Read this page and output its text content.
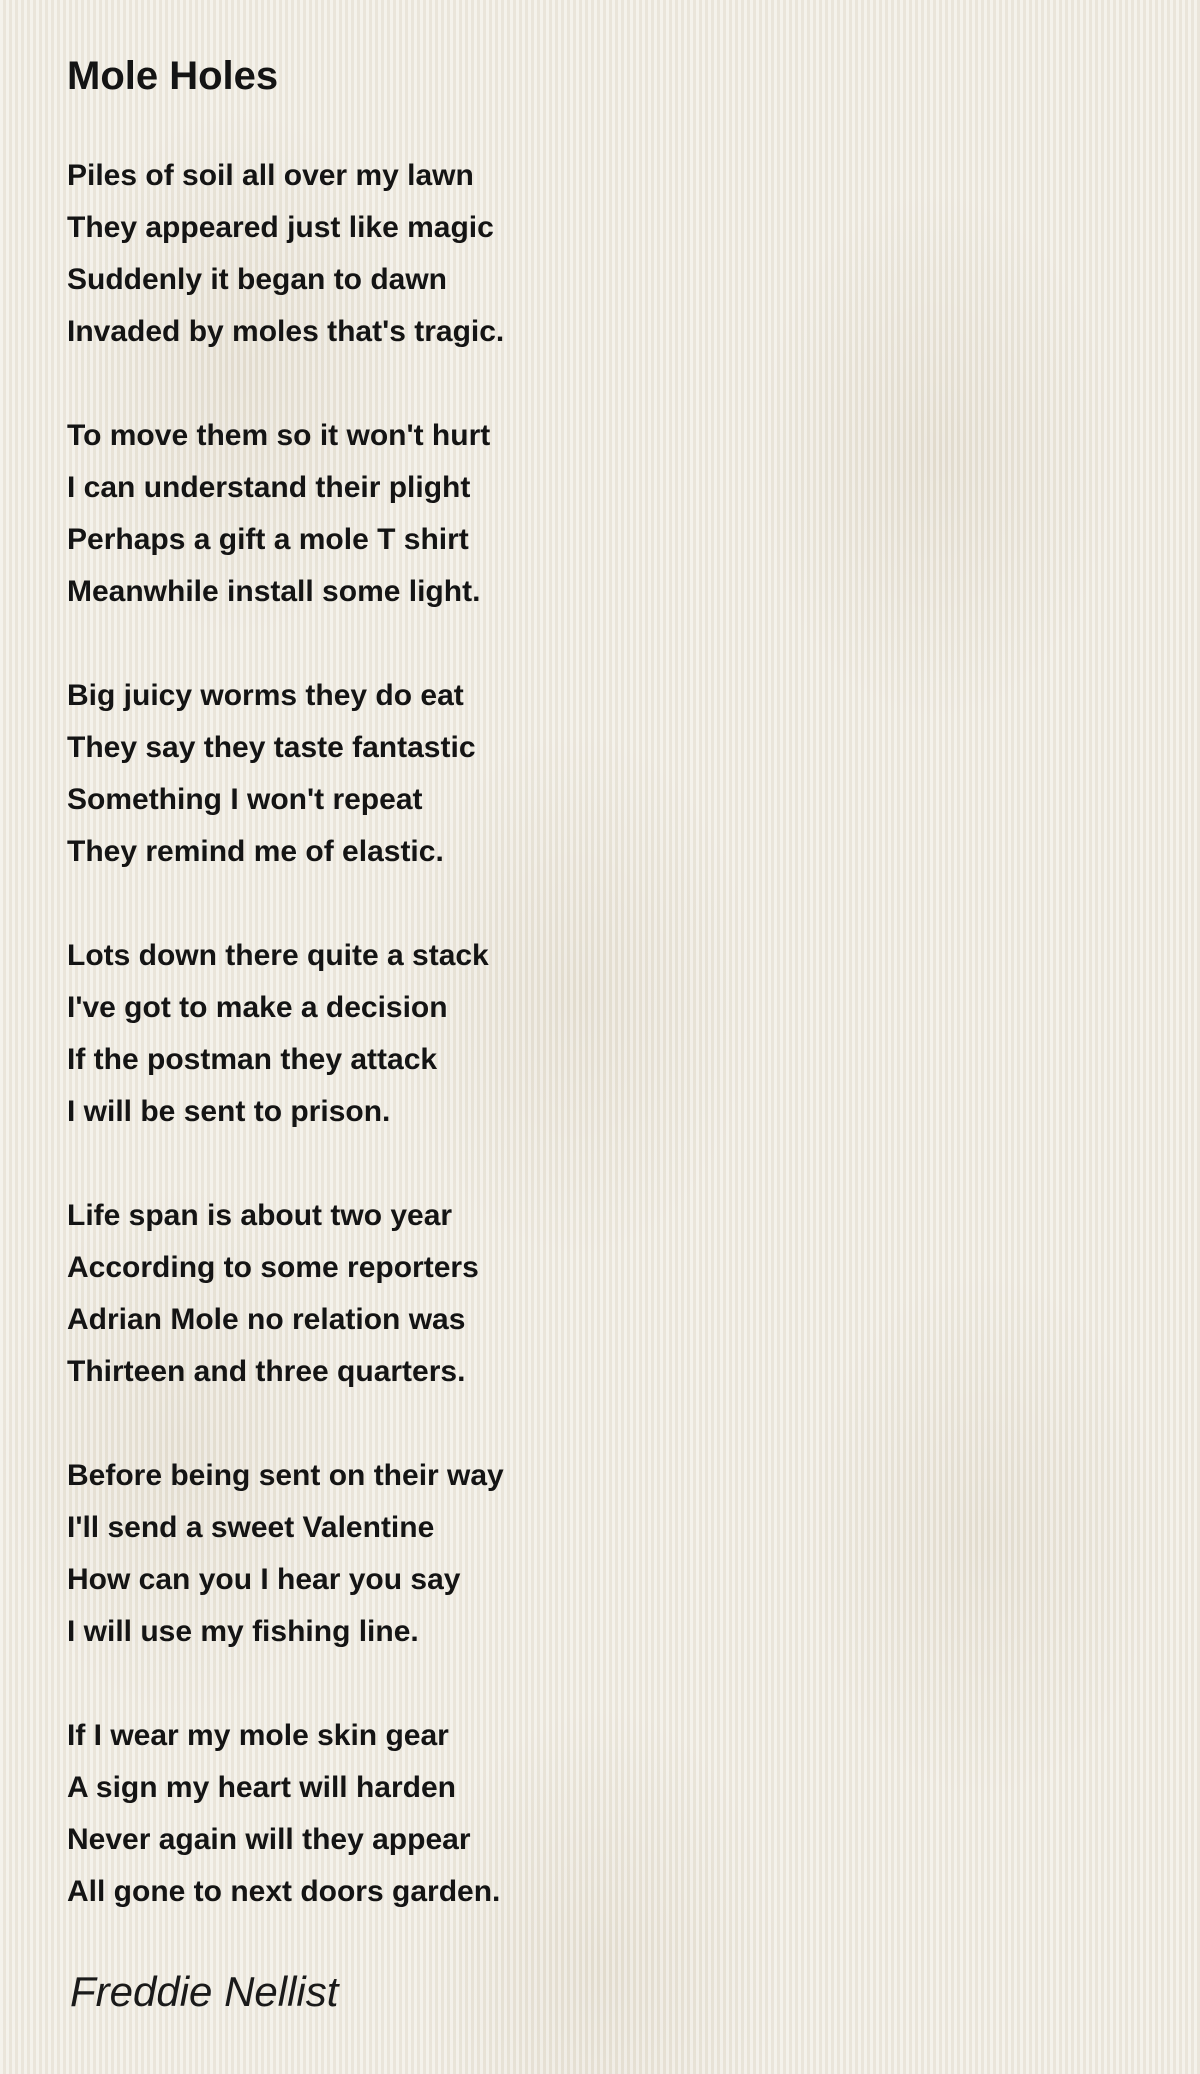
Mole Holes
Piles of soil all over my lawn
They appeared just like magic
Suddenly it began to dawn
Invaded by moles that's tragic.
To move them so it won't hurt
I can understand their plight
Perhaps a gift a mole T shirt
Meanwhile install some light.
Big juicy worms they do eat
They say they taste fantastic
Something I won't repeat
They remind me of elastic.
Lots down there quite a stack
I've got to make a decision
If the postman they attack
I will be sent to prison.
Life span is about two year
According to some reporters
Adrian Mole no relation was
Thirteen and three quarters.
Before being sent on their way
I'll send a sweet Valentine
How can you I hear you say
I will use my fishing line.
If I wear my mole skin gear
A sign my heart will harden
Never again will they appear
All gone to next doors garden.
Freddie Nellist
